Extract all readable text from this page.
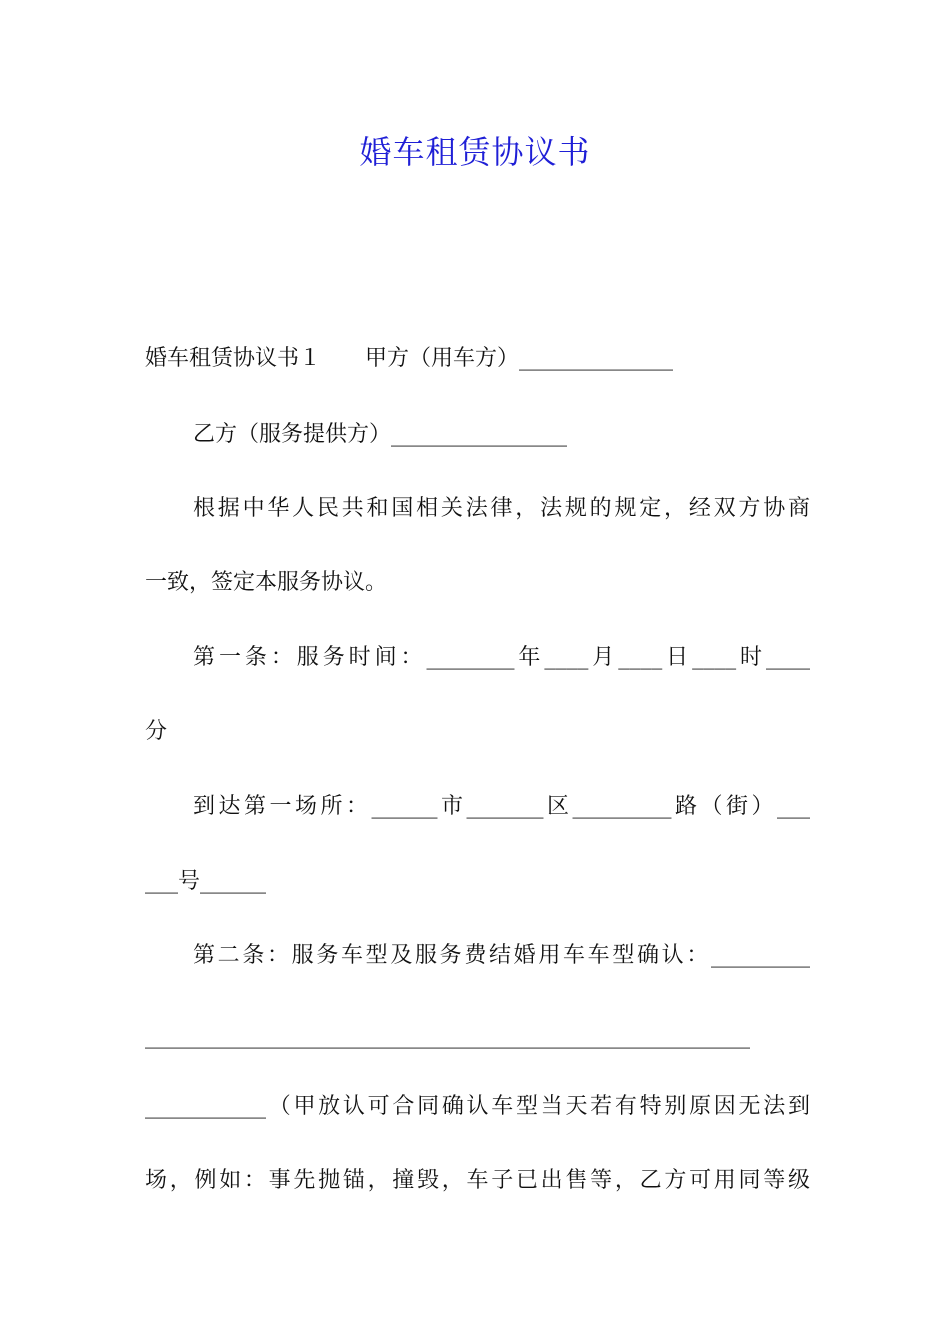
婚车租赁协议书
婚车租赁协议书１　　甲方（用车方）______________
乙方（服务提供方）________________
根据中华人民共和国相关法律，法规的规定，经双方协商
一致，签定本服务协议。
第一条：服务时间：________年____月____日____时____
分
到达第一场所：______市_______区_________路（街）___
___号______
第二条：服务车型及服务费结婚用车车型确认：_________
_______________________________________________________
___________（甲放认可合同确认车型当天若有特别原因无法到
场，例如：事先抛锚，撞毁，车子已出售等，乙方可用同等级
